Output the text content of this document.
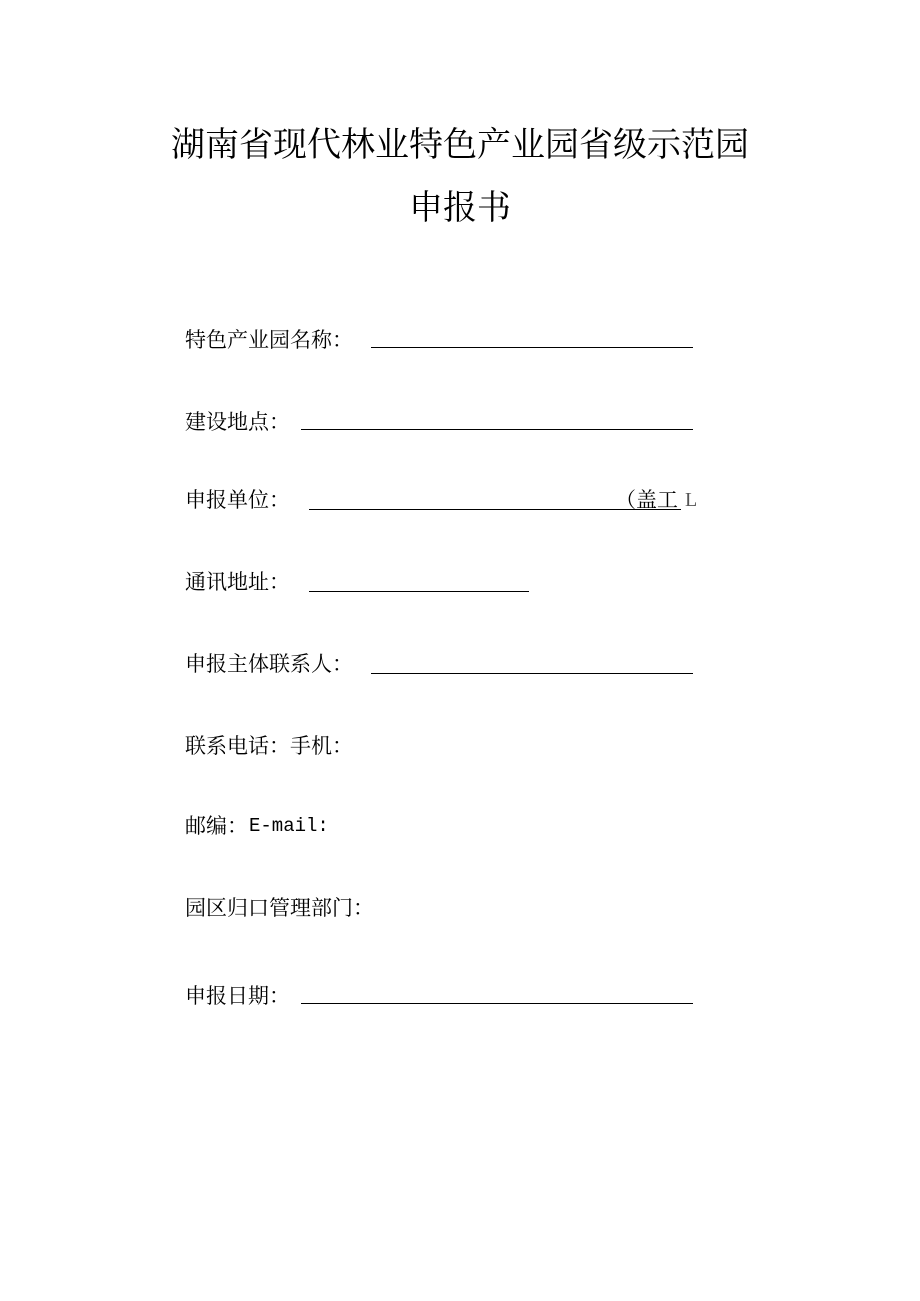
湖南省现代林业特色产业园省级示范园
申报书
特色产业园名称：
建设地点：
申报单位：	（盖工 L
通讯地址：
申报主体联系人：
联系电话：手机：
邮编： E-mail:
园区归口管理部门：
申报日期：
